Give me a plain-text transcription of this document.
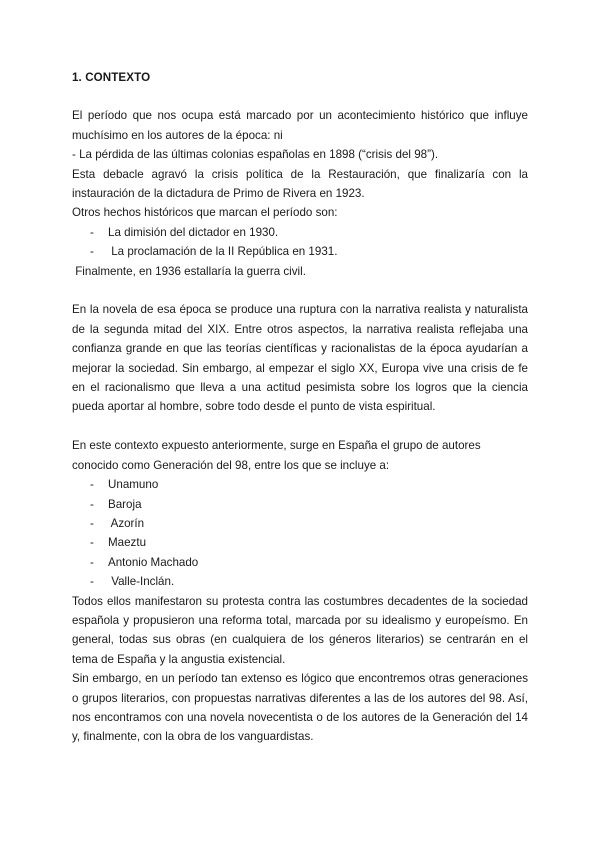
1. CONTEXTO

El período que nos ocupa está marcado por un acontecimiento histórico que influye muchísimo en los autores de la época: ni

- La pérdida de las últimas colonias españolas en 1898 (“crisis del 98”).

Esta debacle agravó la crisis política de la Restauración, que finalizaría con la instauración de la dictadura de Primo de Rivera en 1923.

Otros hechos históricos que marcan el período son:

- La dimisión del dictador en 1930.
- La proclamación de la II República en 1931.

Finalmente, en 1936 estallaría la guerra civil.

En la novela de esa época se produce una ruptura con la narrativa realista y naturalista de la segunda mitad del XIX. Entre otros aspectos, la narrativa realista reflejaba una confianza grande en que las teorías científicas y racionalistas de la época ayudarían a mejorar la sociedad. Sin embargo, al empezar el siglo XX, Europa vive una crisis de fe en el racionalismo que lleva a una actitud pesimista sobre los logros que la ciencia pueda aportar al hombre, sobre todo desde el punto de vista espiritual.

En este contexto expuesto anteriormente, surge en España el grupo de autores conocido como Generación del 98, entre los que se incluye a:

- Unamuno
- Baroja
- Azorín
- Maeztu
- Antonio Machado
- Valle-Inclán.

Todos ellos manifestaron su protesta contra las costumbres decadentes de la sociedad española y propusieron una reforma total, marcada por su idealismo y europeísmo. En general, todas sus obras (en cualquiera de los géneros literarios) se centrarán en el tema de España y la angustia existencial.

Sin embargo, en un período tan extenso es lógico que encontremos otras generaciones o grupos literarios, con propuestas narrativas diferentes a las de los autores del 98. Así, nos encontramos con una novela novecentista o de los autores de la Generación del 14 y, finalmente, con la obra de los vanguardistas.
